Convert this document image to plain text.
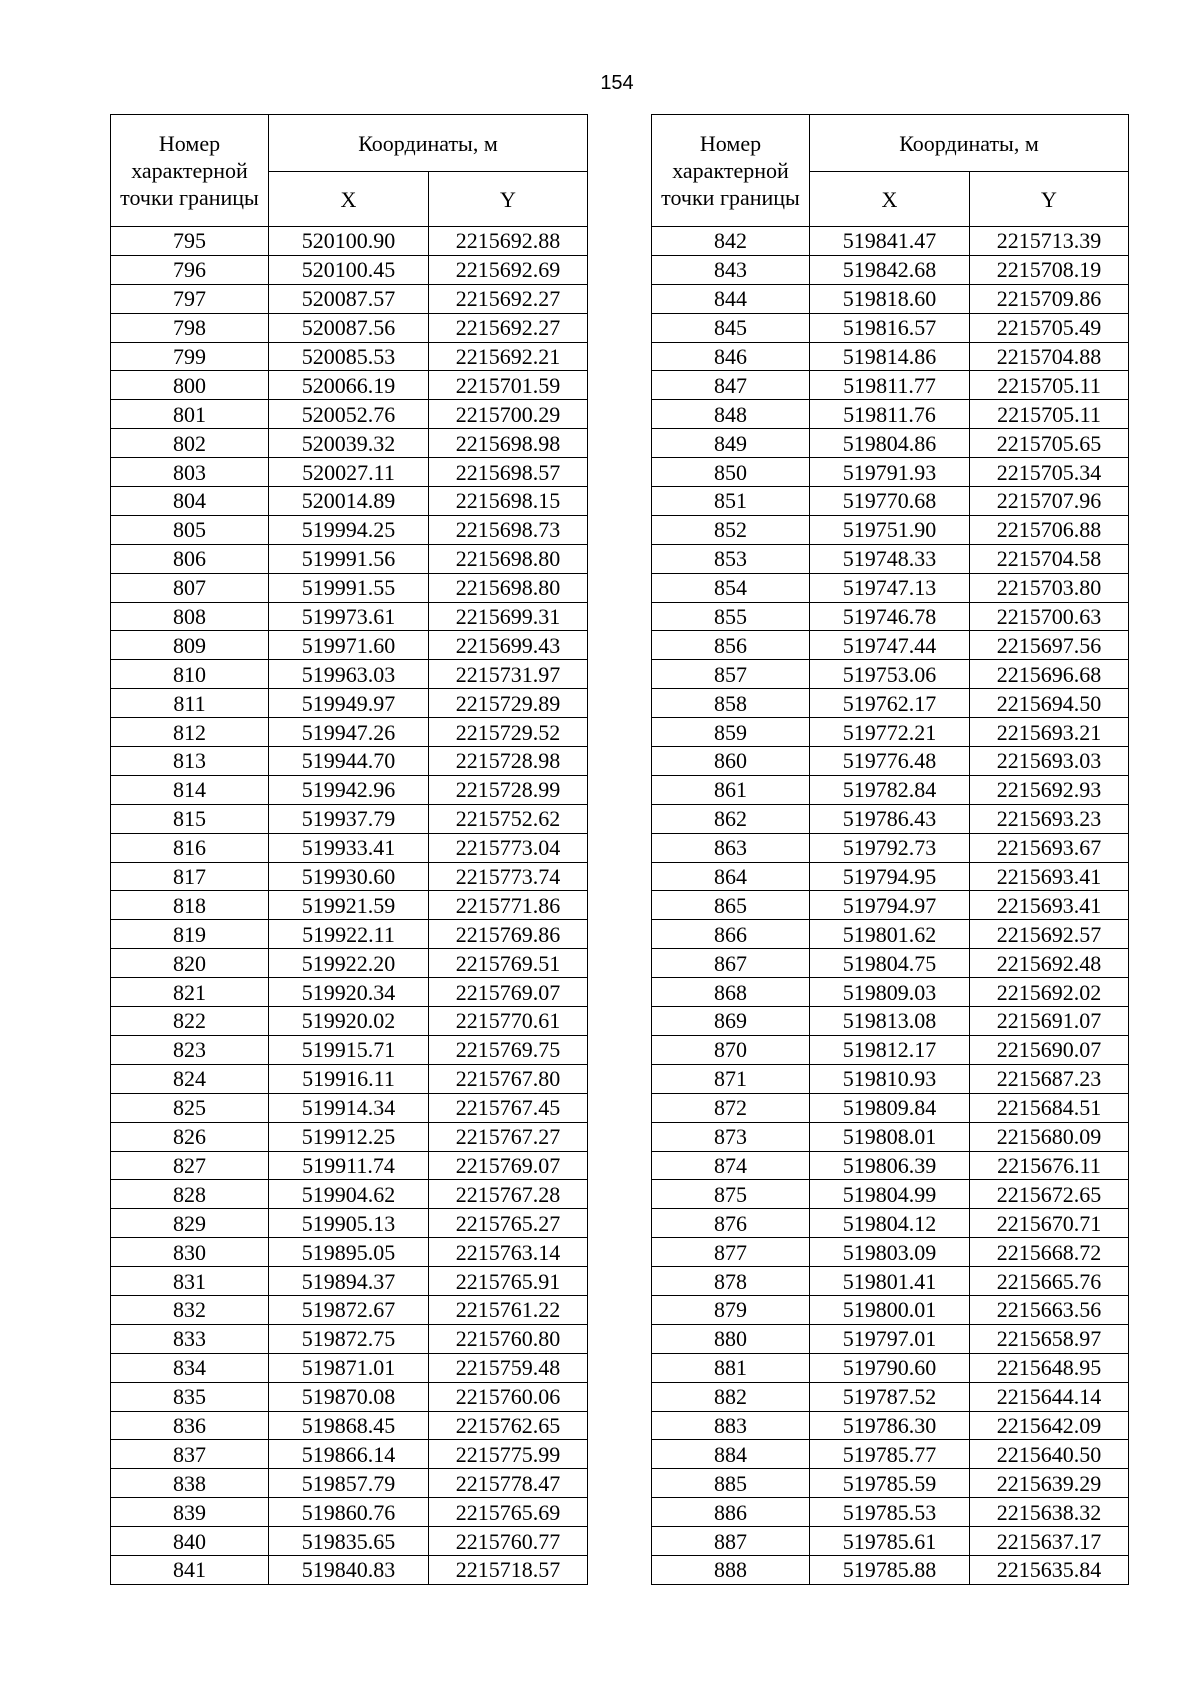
154
Номер характерной точки границы	Координаты, м	
	X	Y
795	520100.90	2215692.88
796	520100.45	2215692.69
797	520087.57	2215692.27
798	520087.56	2215692.27
799	520085.53	2215692.21
800	520066.19	2215701.59
801	520052.76	2215700.29
802	520039.32	2215698.98
803	520027.11	2215698.57
804	520014.89	2215698.15
805	519994.25	2215698.73
806	519991.56	2215698.80
807	519991.55	2215698.80
808	519973.61	2215699.31
809	519971.60	2215699.43
810	519963.03	2215731.97
811	519949.97	2215729.89
812	519947.26	2215729.52
813	519944.70	2215728.98
814	519942.96	2215728.99
815	519937.79	2215752.62
816	519933.41	2215773.04
817	519930.60	2215773.74
818	519921.59	2215771.86
819	519922.11	2215769.86
820	519922.20	2215769.51
821	519920.34	2215769.07
822	519920.02	2215770.61
823	519915.71	2215769.75
824	519916.11	2215767.80
825	519914.34	2215767.45
826	519912.25	2215767.27
827	519911.74	2215769.07
828	519904.62	2215767.28
829	519905.13	2215765.27
830	519895.05	2215763.14
831	519894.37	2215765.91
832	519872.67	2215761.22
833	519872.75	2215760.80
834	519871.01	2215759.48
835	519870.08	2215760.06
836	519868.45	2215762.65
837	519866.14	2215775.99
838	519857.79	2215778.47
839	519860.76	2215765.69
840	519835.65	2215760.77
841	519840.83	2215718.57
Номер характерной точки границы	Координаты, м	
	X	Y
842	519841.47	2215713.39
843	519842.68	2215708.19
844	519818.60	2215709.86
845	519816.57	2215705.49
846	519814.86	2215704.88
847	519811.77	2215705.11
848	519811.76	2215705.11
849	519804.86	2215705.65
850	519791.93	2215705.34
851	519770.68	2215707.96
852	519751.90	2215706.88
853	519748.33	2215704.58
854	519747.13	2215703.80
855	519746.78	2215700.63
856	519747.44	2215697.56
857	519753.06	2215696.68
858	519762.17	2215694.50
859	519772.21	2215693.21
860	519776.48	2215693.03
861	519782.84	2215692.93
862	519786.43	2215693.23
863	519792.73	2215693.67
864	519794.95	2215693.41
865	519794.97	2215693.41
866	519801.62	2215692.57
867	519804.75	2215692.48
868	519809.03	2215692.02
869	519813.08	2215691.07
870	519812.17	2215690.07
871	519810.93	2215687.23
872	519809.84	2215684.51
873	519808.01	2215680.09
874	519806.39	2215676.11
875	519804.99	2215672.65
876	519804.12	2215670.71
877	519803.09	2215668.72
878	519801.41	2215665.76
879	519800.01	2215663.56
880	519797.01	2215658.97
881	519790.60	2215648.95
882	519787.52	2215644.14
883	519786.30	2215642.09
884	519785.77	2215640.50
885	519785.59	2215639.29
886	519785.53	2215638.32
887	519785.61	2215637.17
888	519785.88	2215635.84
